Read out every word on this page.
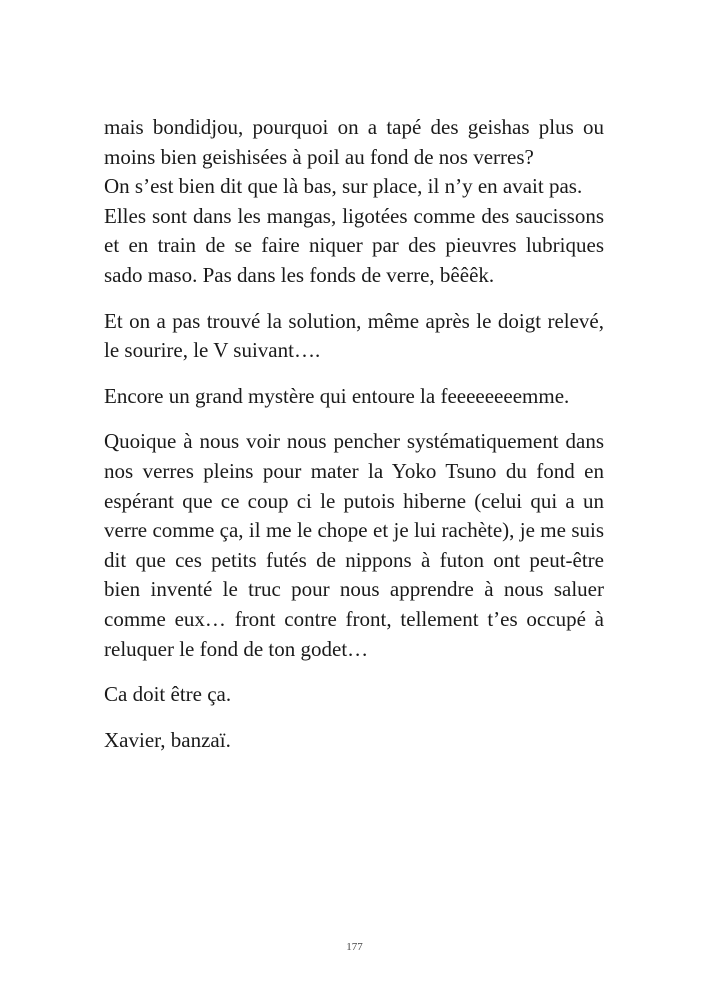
mais bondidjou, pourquoi on a tapé des geishas plus ou moins bien geishisées à poil au fond de nos verres?

On s’est bien dit que là bas, sur place, il n’y en avait pas.

Elles sont dans les mangas, ligotées comme des saucissons et en train de se faire niquer par des pieuvres lubriques sado maso. Pas dans les fonds de verre, bêêêk.

Et on a pas trouvé la solution, même après le doigt relevé, le sourire, le V suivant….

Encore un grand mystère qui entoure la feeeeeeeemme.

Quoique à nous voir nous pencher systématiquement dans nos verres pleins pour mater la Yoko Tsuno du fond en espérant que ce coup ci le putois hiberne (celui qui a un verre comme ça, il me le chope et je lui rachète), je me suis dit que ces petits futés de nippons à futon ont peut-être bien inventé le truc pour nous apprendre à nous saluer comme eux… front contre front, tellement t’es occupé à reluquer le fond de ton godet…

Ca doit être ça.

Xavier, banzaï.

177
